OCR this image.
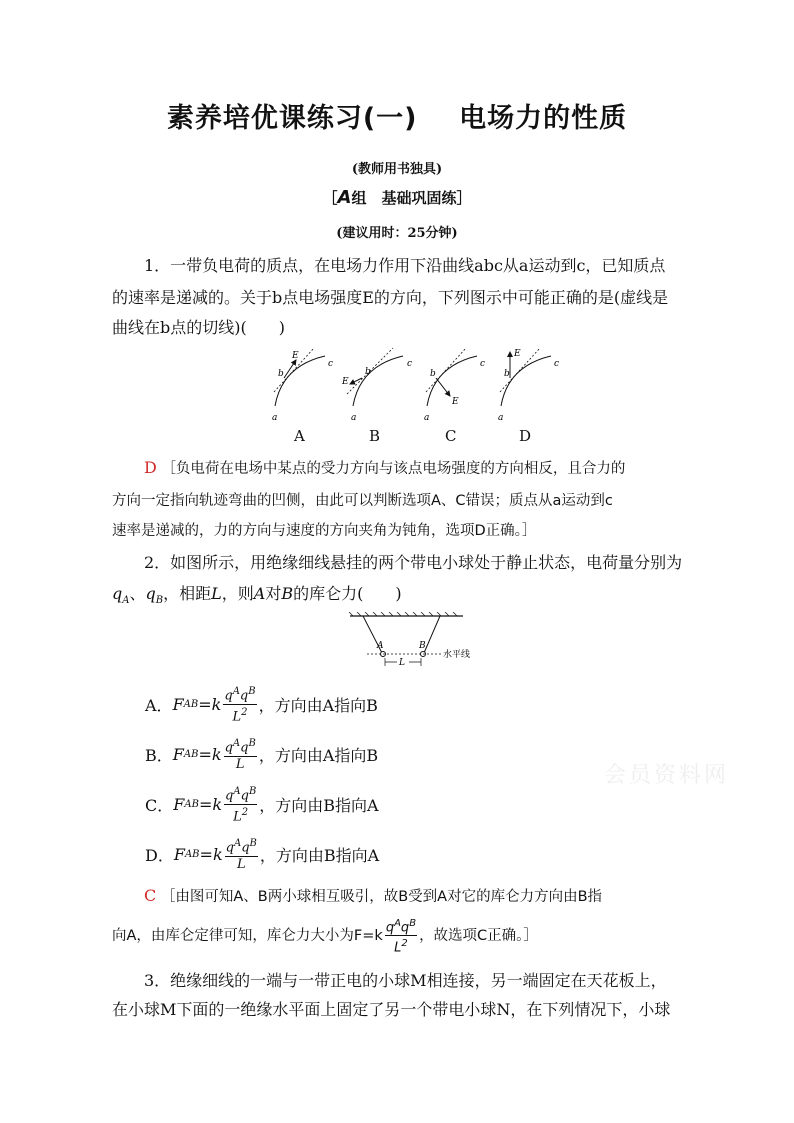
素养培优课练习(一) 电场力的性质
(教师用书独具)
［A组　基础巩固练］
(建议用时：25分钟)
1．一带负电荷的质点，在电场力作用下沿曲线abc从a运动到c，已知质点
的速率是递减的。关于b点电场强度E的方向，下列图示中可能正确的是(虚线是
曲线在b点的切线)(　　)
E
b
c
a
E
b
c
a
E
b
c
a
E
b
c
a
A	B	C	D
D ［负电荷在电场中某点的受力方向与该点电场强度的方向相反，且合力的
方向一定指向轨迹弯曲的凹侧，由此可以判断选项A、C错误；质点从a运动到c
速率是递减的，力的方向与速度的方向夹角为钝角，选项D正确。］
2．如图所示，用绝缘细线悬挂的两个带电小球处于静止状态，电荷量分别为
$q_A$、$q_B$，相距L，则A对B的库仑力(　　)
A	B
L
水平线
A． F AB $=k \frac{q^Aq^B}{L^2}$ ，方向由A指向B
B． F AB $=k \frac{q^Aq^B}{L}$ ，方向由A指向B
C． F AB $=k \frac{q^Aq^B}{L^2}$ ，方向由B指向A
D． F AB $=k \frac{q^Aq^B}{L}$ ，方向由B指向A
C ［由图可知A、B两小球相互吸引，故B受到A对它的库仑力方向由B指
向A，由库仑定律可知，库仑力大小为$F=k \frac{q^Aq^B}{L^2}$ ，故选项C正确。］
3．绝缘细线的一端与一带正电的小球M相连接，另一端固定在天花板上，
在小球M下面的一绝缘水平面上固定了另一个带电小球N，在下列情况下，小球
会员资料网
